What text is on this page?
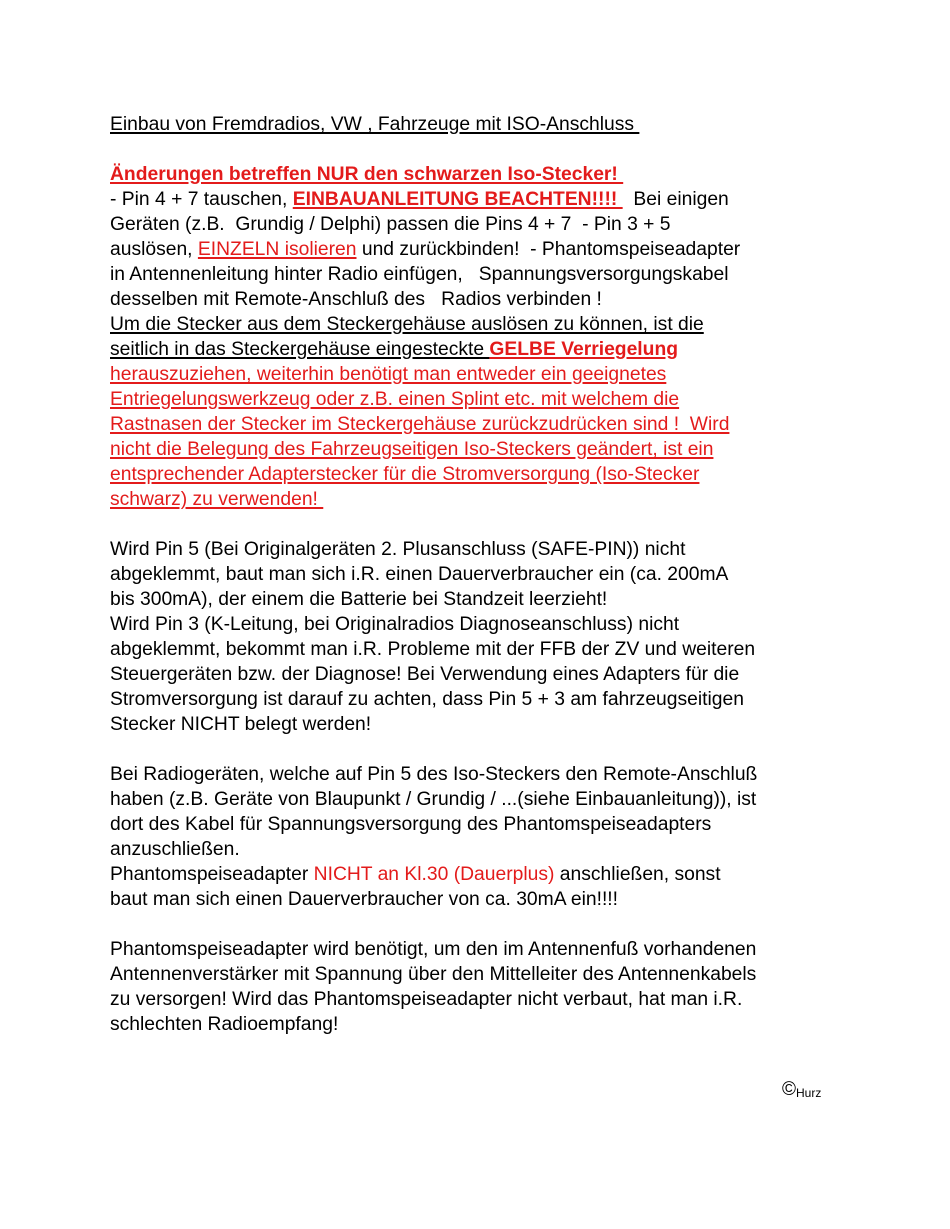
Einbau von Fremdradios, VW , Fahrzeuge mit ISO-Anschluss
Änderungen betreffen NUR den schwarzen Iso-Stecker!
- Pin 4 + 7 tauschen, EINBAUANLEITUNG BEACHTEN!!!!   Bei einigen
Geräten (z.B.  Grundig / Delphi) passen die Pins 4 + 7  - Pin 3 + 5
auslösen, EINZELN isolieren und zurückbinden!  - Phantomspeiseadapter
in Antennenleitung hinter Radio einfügen,   Spannungsversorgungskabel
desselben mit Remote-Anschluß des   Radios verbinden !
Um die Stecker aus dem Steckergehäuse auslösen zu können, ist die
seitlich in das Steckergehäuse eingesteckte GELBE Verriegelung
herauszuziehen, weiterhin benötigt man entweder ein geeignetes
Entriegelungswerkzeug oder z.B. einen Splint etc. mit welchem die
Rastnasen der Stecker im Steckergehäuse zurückzudrücken sind !  Wird
nicht die Belegung des Fahrzeugseitigen Iso-Steckers geändert, ist ein
entsprechender Adapterstecker für die Stromversorgung (Iso-Stecker
schwarz) zu verwenden!
Wird Pin 5 (Bei Originalgeräten 2. Plusanschluss (SAFE-PIN)) nicht
abgeklemmt, baut man sich i.R. einen Dauerverbraucher ein (ca. 200mA
bis 300mA), der einem die Batterie bei Standzeit leerzieht!
Wird Pin 3 (K-Leitung, bei Originalradios Diagnoseanschluss) nicht
abgeklemmt, bekommt man i.R. Probleme mit der FFB der ZV und weiteren
Steuergeräten bzw. der Diagnose! Bei Verwendung eines Adapters für die
Stromversorgung ist darauf zu achten, dass Pin 5 + 3 am fahrzeugseitigen
Stecker NICHT belegt werden!
Bei Radiogeräten, welche auf Pin 5 des Iso-Steckers den Remote-Anschluß
haben (z.B. Geräte von Blaupunkt / Grundig / ...(siehe Einbauanleitung)), ist
dort des Kabel für Spannungsversorgung des Phantomspeiseadapters
anzuschließen.
Phantomspeiseadapter NICHT an Kl.30 (Dauerplus) anschließen, sonst
baut man sich einen Dauerverbraucher von ca. 30mA ein!!!!
Phantomspeiseadapter wird benötigt, um den im Antennenfuß vorhandenen
Antennenverstärker mit Spannung über den Mittelleiter des Antennenkabels
zu versorgen! Wird das Phantomspeiseadapter nicht verbaut, hat man i.R.
schlechten Radioempfang!
©Hurz
